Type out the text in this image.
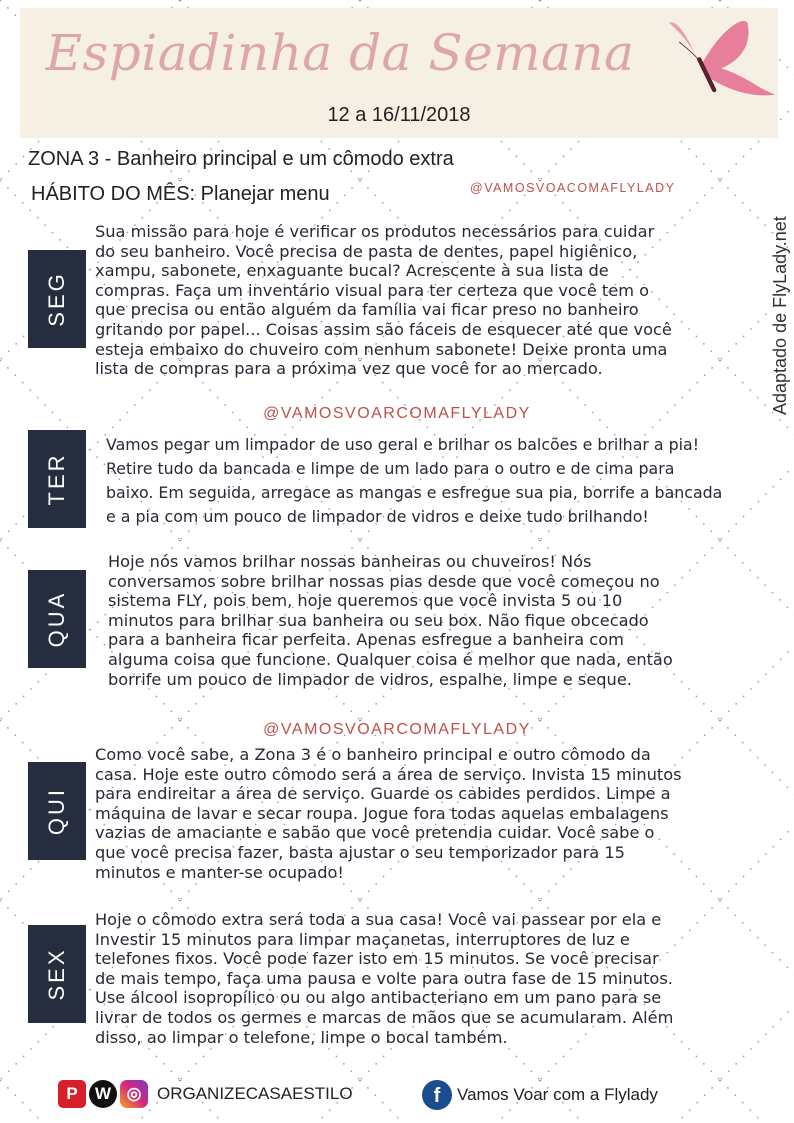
Espiadinha da Semana
12 a 16/11/2018
ZONA 3 - Banheiro principal e um cômodo extra
HÁBITO DO MÊS: Planejar menu	@VAMOSVOACOMAFLYLADY
Adaptado de FlyLady.net
SEG
Sua missão para hoje é verificar os produtos necessários para cuidar
do seu banheiro. Você precisa de pasta de dentes, papel higiênico,
xampu, sabonete, enxaguante bucal? Acrescente à sua lista de
compras. Faça um inventário visual para ter certeza que você tem o
que precisa ou então alguém da família vai ficar preso no banheiro
gritando por papel... Coisas assim são fáceis de esquecer até que você
esteja embaixo do chuveiro com nenhum sabonete! Deixe pronta uma
lista de compras para a próxima vez que você for ao mercado.
@VAMOSVOARCOMAFLYLADY
TER
Vamos pegar um limpador de uso geral e brilhar os balcões e brilhar a pia!
Retire tudo da bancada e limpe de um lado para o outro e de cima para
baixo. Em seguida, arregace as mangas e esfregue sua pia, borrife a bancada
e a pia com um pouco de limpador de vidros e deixe tudo brilhando!
QUA
Hoje nós vamos brilhar nossas banheiras ou chuveiros! Nós
conversamos sobre brilhar nossas pias desde que você começou no
sistema FLY, pois bem, hoje queremos que você invista 5 ou 10
minutos para brilhar sua banheira ou seu box. Não fique obcecado
para a banheira ficar perfeita. Apenas esfregue a banheira com
alguma coisa que funcione. Qualquer coisa é melhor que nada, então
borrife um pouco de limpador de vidros, espalhe, limpe e seque.
@VAMOSVOARCOMAFLYLADY
QUI
Como você sabe, a Zona 3 é o banheiro principal e outro cômodo da
casa. Hoje este outro cômodo será a área de serviço. Invista 15 minutos
para endireitar a área de serviço. Guarde os cabides perdidos. Limpe a
máquina de lavar e secar roupa. Jogue fora todas aquelas embalagens
vazias de amaciante e sabão que você pretendia cuidar. Você sabe o
que você precisa fazer, basta ajustar o seu temporizador para 15
minutos e manter-se ocupado!
SEX
Hoje o cômodo extra será toda a sua casa! Você vai passear por ela e
Investir 15 minutos para limpar maçanetas, interruptores de luz e
telefones fixos. Você pode fazer isto em 15 minutos. Se você precisar
de mais tempo, faça uma pausa e volte para outra fase de 15 minutos.
Use álcool isopropílico ou ou algo antibacteriano em um pano para se
livrar de todos os germes e marcas de mãos que se acumularam. Além
disso, ao limpar o telefone, limpe o bocal também.
P	W ◎ ORGANIZECASAESTILO	f Vamos Voar com a Flylady
